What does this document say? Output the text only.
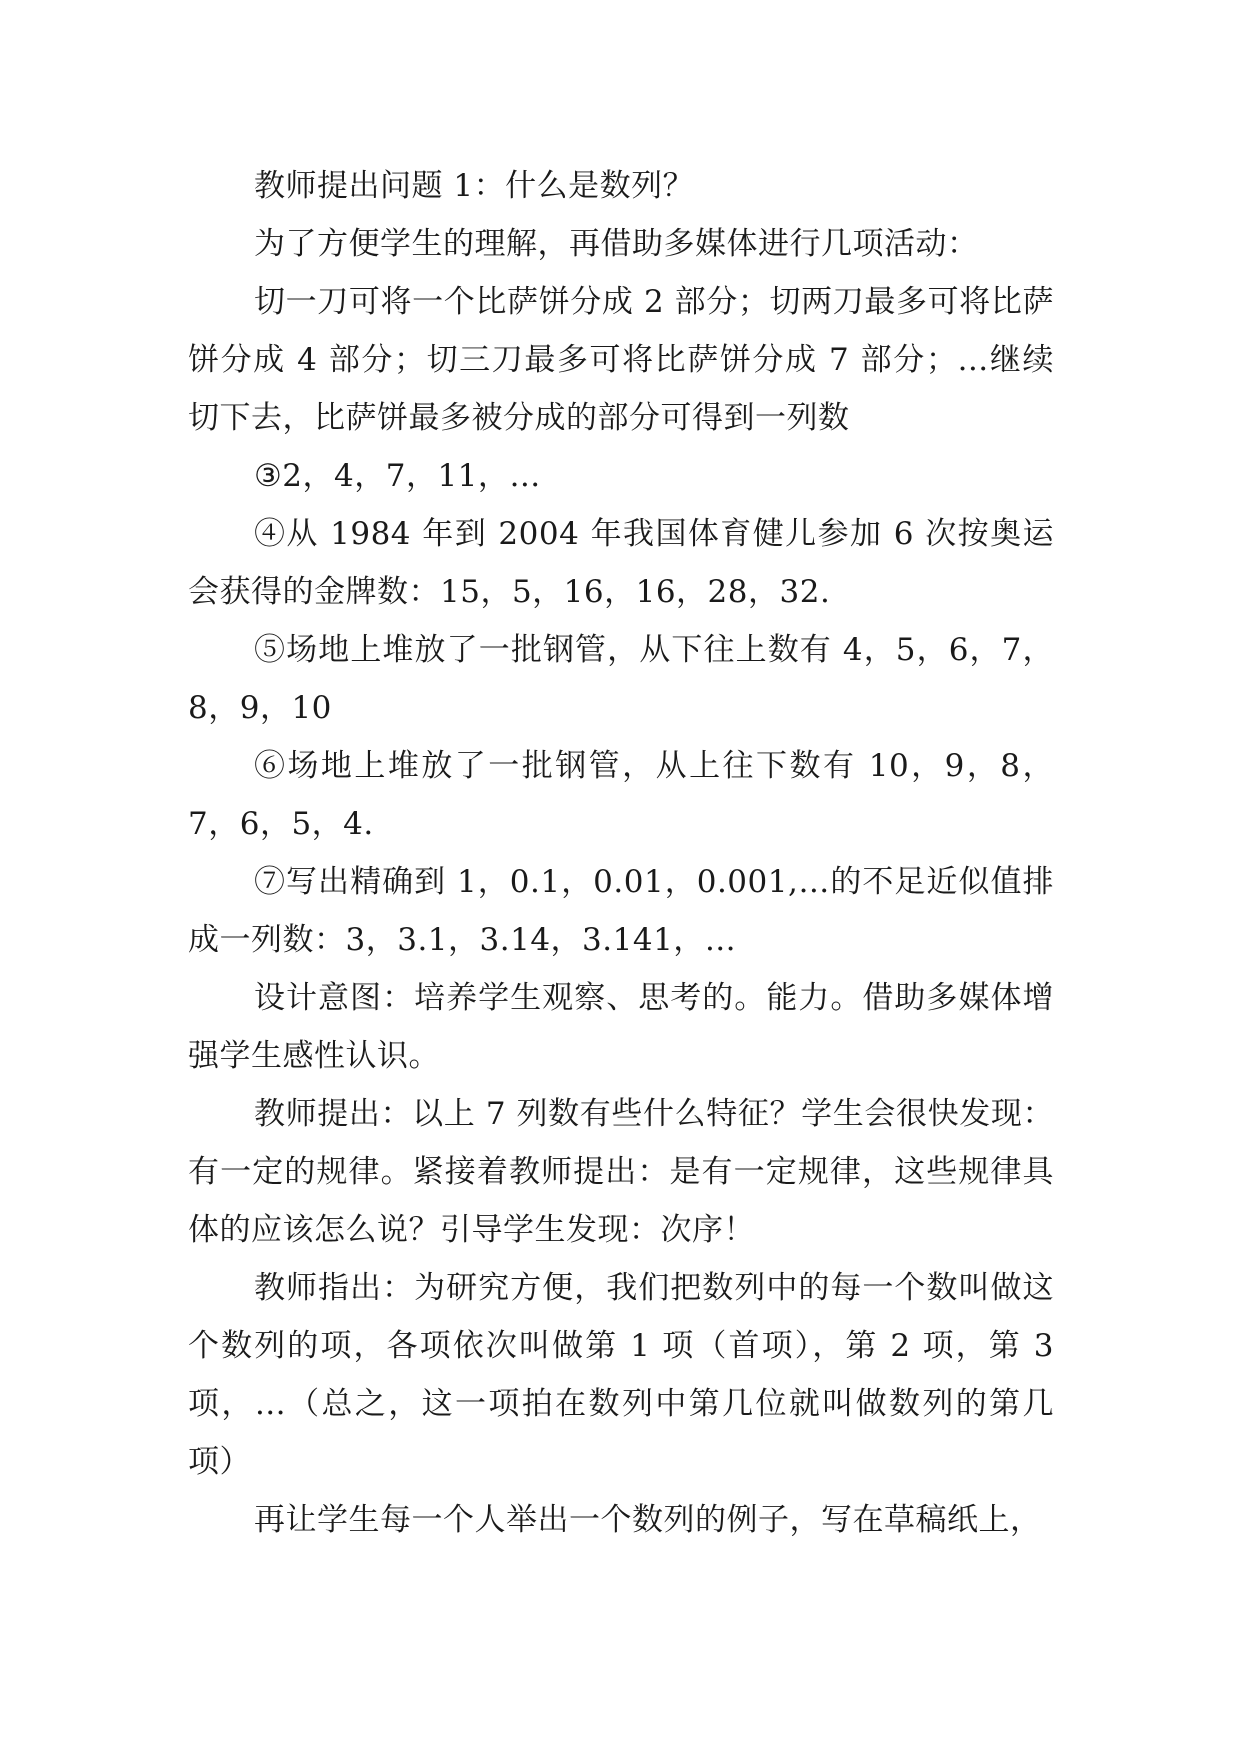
教师提出问题 1：什么是数列？

为了方便学生的理解，再借助多媒体进行几项活动：

切一刀可将一个比萨饼分成 2 部分；切两刀最多可将比萨饼分成 4 部分；切三刀最多可将比萨饼分成 7 部分；…继续切下去，比萨饼最多被分成的部分可得到一列数

③2，4，7，11，…

④从 1984 年到 2004 年我国体育健儿参加 6 次按奥运会获得的金牌数：15，5，16，16，28，32.

⑤场地上堆放了一批钢管，从下往上数有 4，5，6，7，8，9，10

⑥场地上堆放了一批钢管，从上往下数有 10，9，8，7，6，5，4.

⑦写出精确到 1，0.1，0.01，0.001,…的不足近似值排成一列数：3，3.1，3.14，3.141，…

设计意图：培养学生观察、思考的。能力。借助多媒体增强学生感性认识。

教师提出：以上 7 列数有些什么特征？学生会很快发现：有一定的规律。紧接着教师提出：是有一定规律，这些规律具体的应该怎么说？引导学生发现：次序！

教师指出：为研究方便，我们把数列中的每一个数叫做这个数列的项，各项依次叫做第 1 项（首项），第 2 项，第 3 项，…（总之，这一项拍在数列中第几位就叫做数列的第几项）

再让学生每一个人举出一个数列的例子，写在草稿纸上，
